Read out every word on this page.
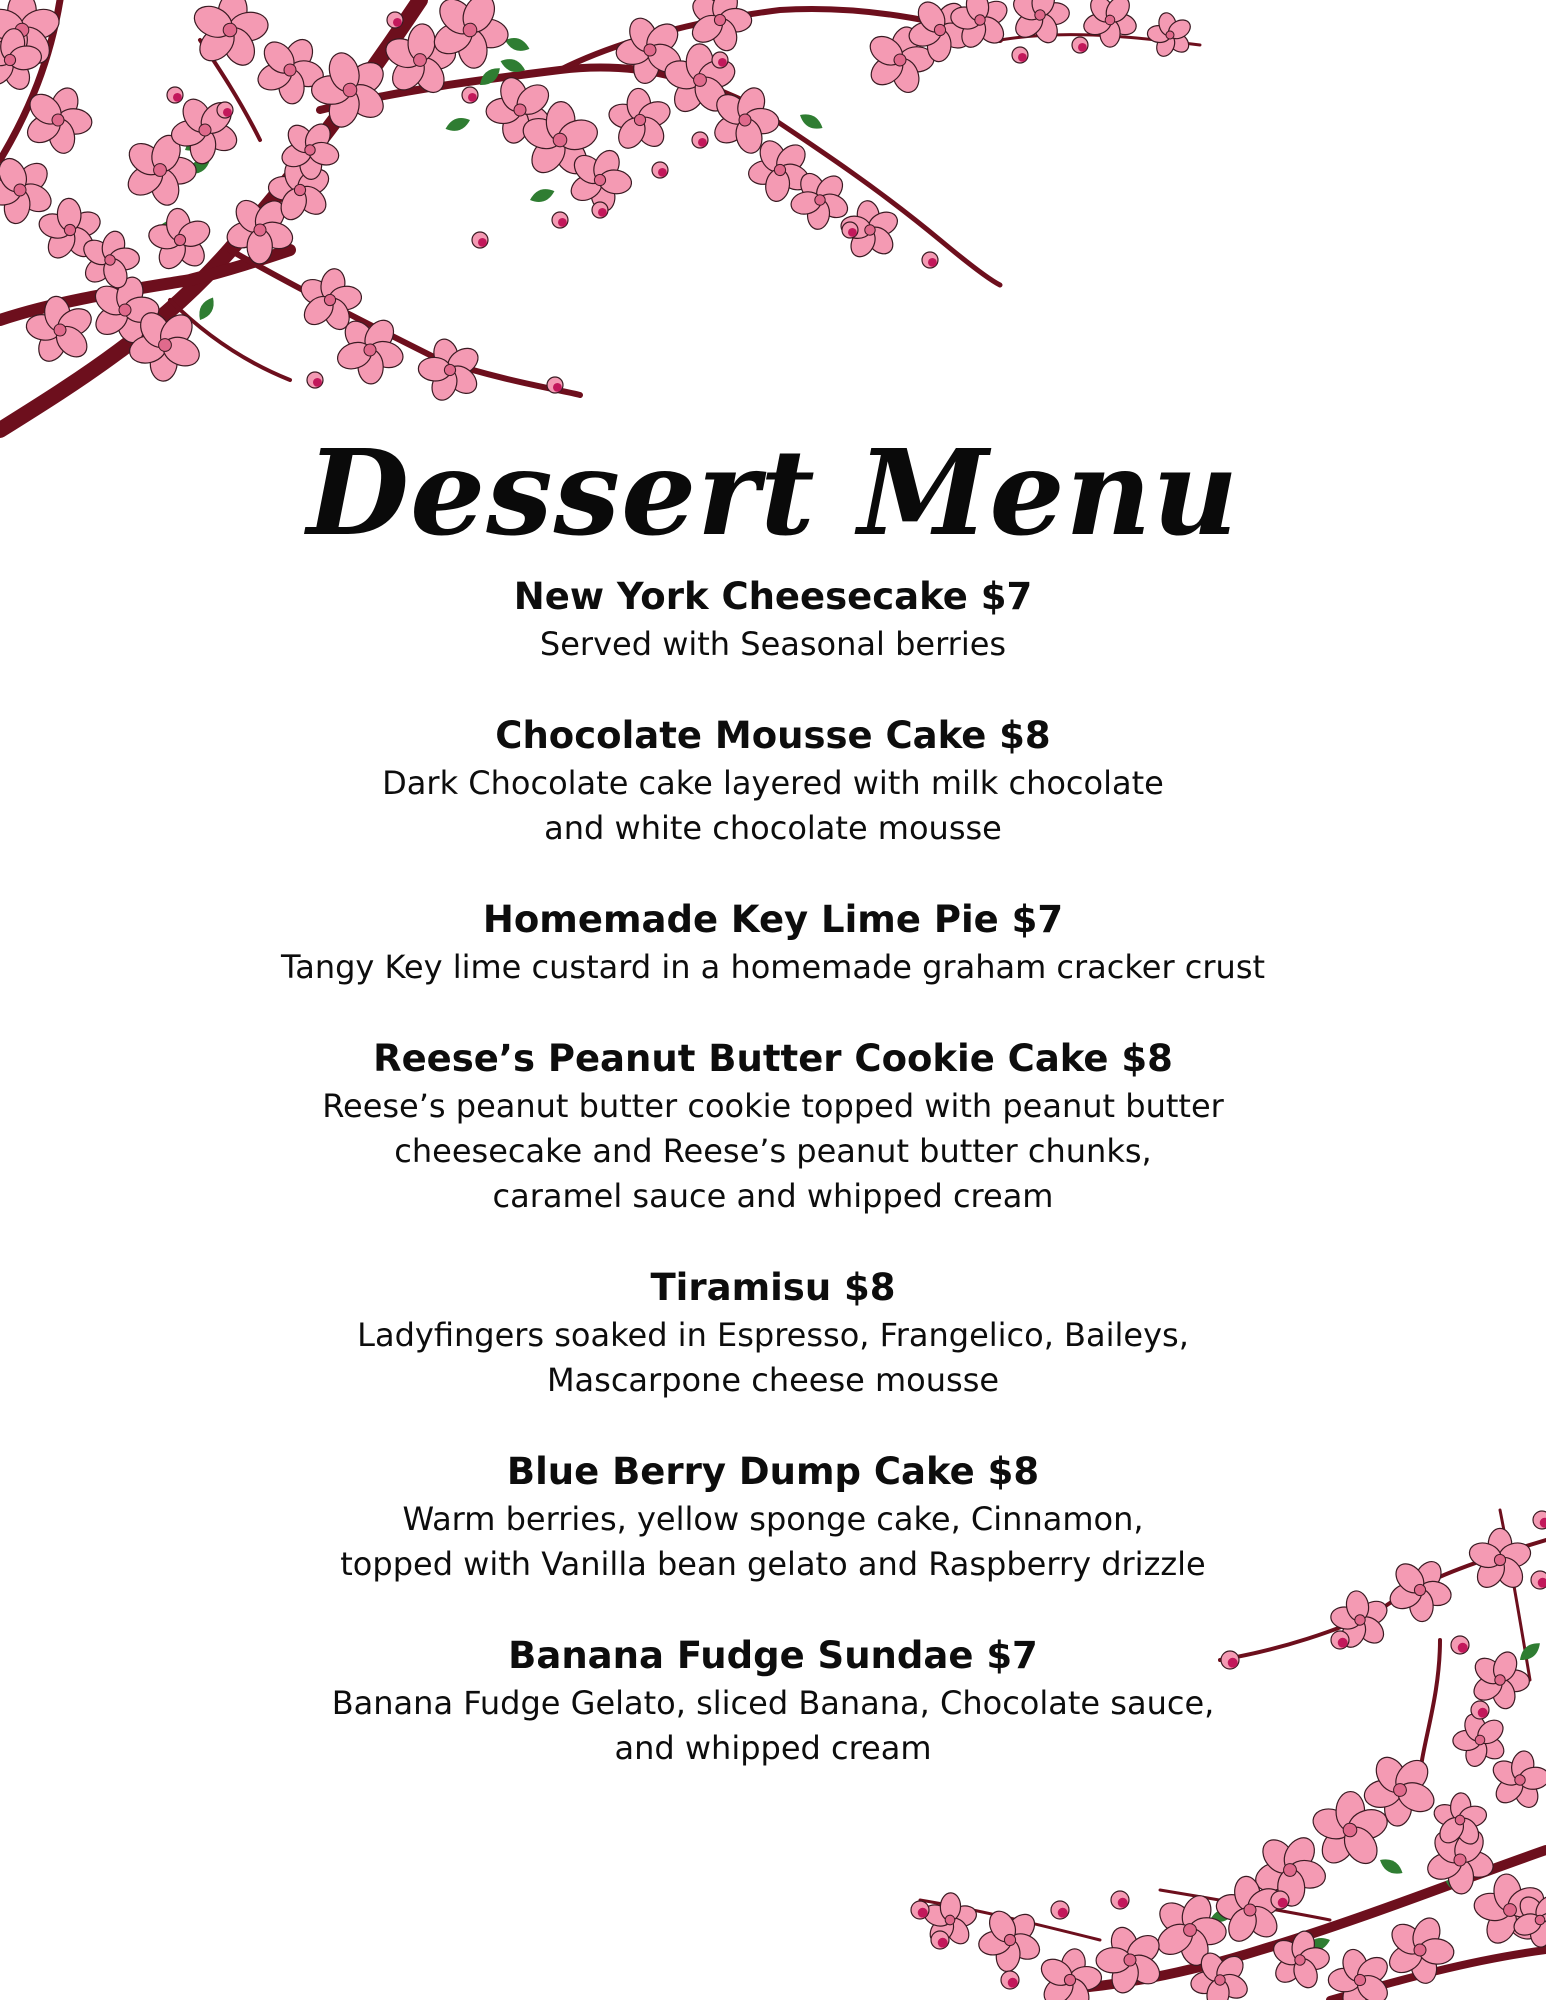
Dessert Menu
New York Cheesecake $7
Served with Seasonal berries
Chocolate Mousse Cake $8
Dark Chocolate cake layered with milk chocolate
and white chocolate mousse
Homemade Key Lime Pie $7
Tangy Key lime custard in a homemade graham cracker crust
Reese’s Peanut Butter Cookie Cake $8
Reese’s peanut butter cookie topped with peanut butter
cheesecake and Reese’s peanut butter chunks,
caramel sauce and whipped cream
Tiramisu $8
Ladyfingers soaked in Espresso, Frangelico, Baileys,
Mascarpone cheese mousse
Blue Berry Dump Cake $8
Warm berries, yellow sponge cake, Cinnamon,
topped with Vanilla bean gelato and Raspberry drizzle
Banana Fudge Sundae $7
Banana Fudge Gelato, sliced Banana, Chocolate sauce,
and whipped cream
